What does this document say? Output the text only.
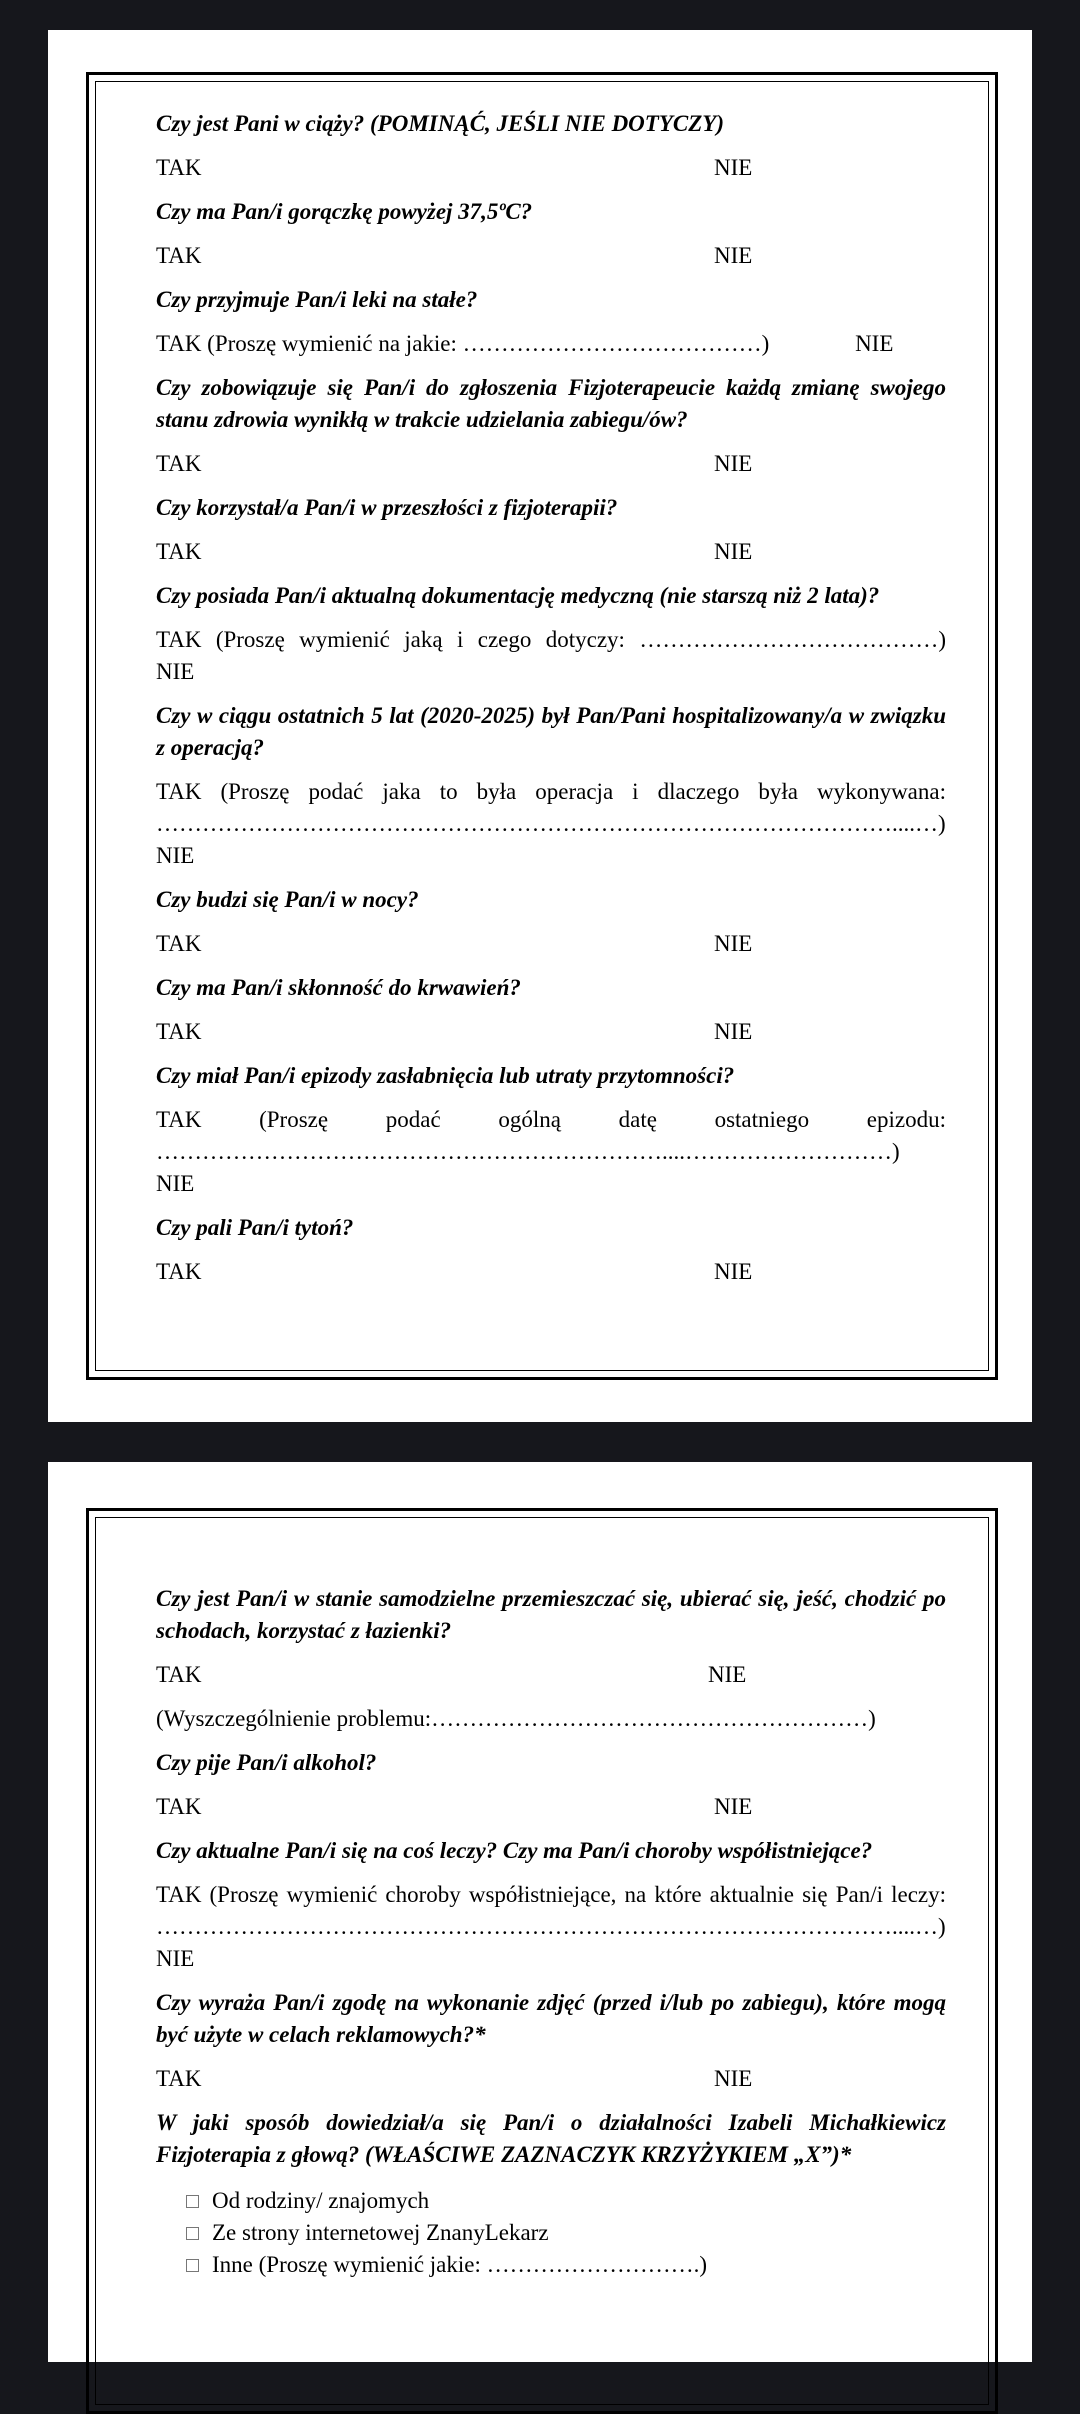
Czy jest Pani w ciąży? (POMINĄĆ, JEŚLI NIE DOTYCZY)

TAK	NIE

Czy ma Pan/i gorączkę powyżej 37,5ºC?

TAK	NIE

Czy przyjmuje Pan/i leki na stałe?

TAK (Proszę wymienić na jakie: …………………………………)	NIE

Czy zobowiązuje się Pan/i do zgłoszenia Fizjoterapeucie każdą zmianę swojego stanu zdrowia wynikłą w trakcie udzielania zabiegu/ów?

TAK	NIE

Czy korzystał/a Pan/i w przeszłości z fizjoterapii?

TAK	NIE

Czy posiada Pan/i aktualną dokumentację medyczną (nie starszą niż 2 lata)?

TAK (Proszę wymienić jaką i czego dotyczy: …………………………………)

NIE

Czy w ciągu ostatnich 5 lat (2020-2025) był Pan/Pani hospitalizowany/a w związku z operacją?

TAK (Proszę podać jaka to była operacja i dlaczego była wykonywana:

……………………………………………………………………………………....…)

NIE

Czy budzi się Pan/i w nocy?

TAK	NIE

Czy ma Pan/i skłonność do krwawień?

TAK	NIE

Czy miał Pan/i epizody zasłabnięcia lub utraty przytomności?

TAK (Proszę podać ogólną datę ostatniego epizodu:

…………………………………………………………....………………………)

NIE

Czy pali Pan/i tytoń?

TAK	NIE

Czy jest Pan/i w stanie samodzielne przemieszczać się, ubierać się, jeść, chodzić po schodach, korzystać z łazienki?

TAK	NIE

(Wyszczególnienie problemu:…………………………………………………)

Czy pije Pan/i alkohol?

TAK	NIE

Czy aktualne Pan/i się na coś leczy? Czy ma Pan/i choroby współistniejące?

TAK (Proszę wymienić choroby współistniejące, na które aktualnie się Pan/i leczy:

……………………………………………………………………………………....…)

NIE

Czy wyraża Pan/i zgodę na wykonanie zdjęć (przed i/lub po zabiegu), które mogą być użyte w celach reklamowych?*

TAK	NIE

W jaki sposób dowiedział/a się Pan/i o działalności Izabeli Michałkiewicz Fizjoterapia z głową? (WŁAŚCIWE ZAZNACZYK KRZYŻYKIEM „X”)*

Od rodziny/ znajomych
Ze strony internetowej ZnanyLekarz
Inne (Proszę wymienić jakie: ……………………….)
